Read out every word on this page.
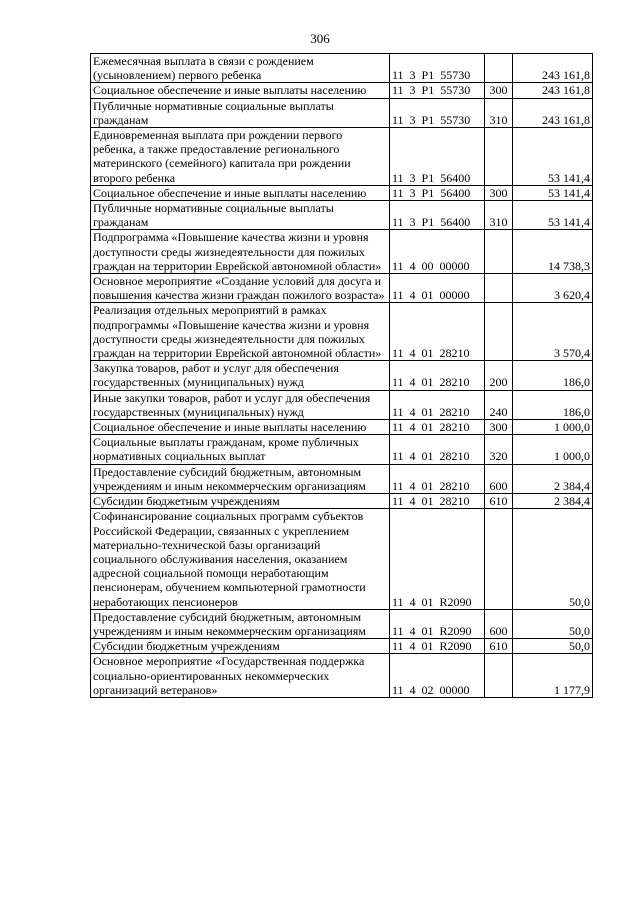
306
Ежемесячная выплата в связи с рождением (усыновлением) первого ребенка	11  3  P1  55730		243 161,8
Социальное обеспечение и иные выплаты населению	11  3  P1  55730	300	243 161,8
Публичные нормативные социальные выплаты гражданам	11  3  P1  55730	310	243 161,8
Единовременная выплата при рождении первого ребенка, а также предоставление регионального материнского (семейного) капитала при рождении второго ребенка	11  3  P1  56400		53 141,4
Социальное обеспечение и иные выплаты населению	11  3  P1  56400	300	53 141,4
Публичные нормативные социальные выплаты гражданам	11  3  P1  56400	310	53 141,4
Подпрограмма «Повышение качества жизни и уровня доступности среды жизнедеятельности для пожилых граждан на территории Еврейской автономной области»	11  4  00  00000		14 738,3
Основное мероприятие «Создание условий для досуга и повышения качества жизни граждан пожилого возраста»	11  4  01  00000		3 620,4
Реализация отдельных мероприятий в рамках подпрограммы «Повышение качества жизни и уровня доступности среды жизнедеятельности для пожилых граждан на территории Еврейской автономной области»	11  4  01  28210		3 570,4
Закупка товаров, работ и услуг для обеспечения государственных (муниципальных) нужд	11  4  01  28210	200	186,0
Иные закупки товаров, работ и услуг для обеспечения государственных (муниципальных) нужд	11  4  01  28210	240	186,0
Социальное обеспечение и иные выплаты населению	11  4  01  28210	300	1 000,0
Социальные выплаты гражданам, кроме публичных нормативных социальных выплат	11  4  01  28210	320	1 000,0
Предоставление субсидий бюджетным, автономным учреждениям и иным некоммерческим организациям	11  4  01  28210	600	2 384,4
Субсидии бюджетным учреждениям	11  4  01  28210	610	2 384,4
Софинансирование социальных программ субъектов Российской Федерации, связанных с укреплением материально-технической базы организаций социального обслуживания населения, оказанием адресной социальной помощи неработающим пенсионерам, обучением компьютерной грамотности неработающих пенсионеров	11  4  01  R2090		50,0
Предоставление субсидий бюджетным, автономным учреждениям и иным некоммерческим организациям	11  4  01  R2090	600	50,0
Субсидии бюджетным учреждениям	11  4  01  R2090	610	50,0
Основное мероприятие «Государственная поддержка социально-ориентированных некоммерческих организаций ветеранов»	11  4  02  00000		1 177,9
